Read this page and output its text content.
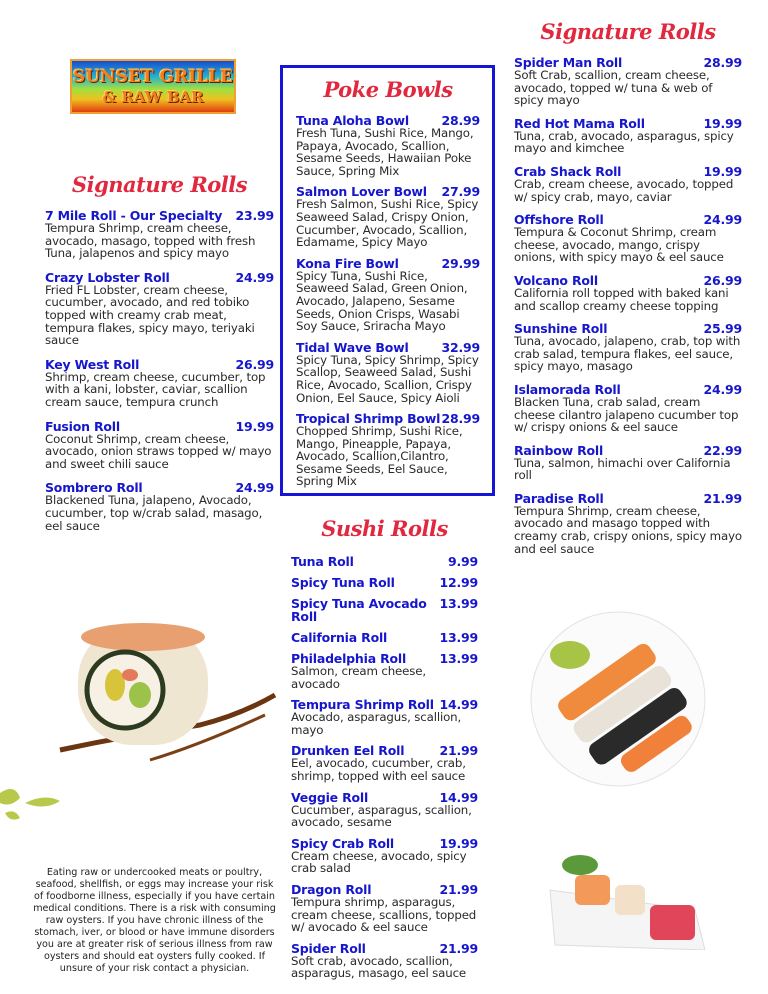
SUNSET GRILLE
& RAW BAR
Signature Rolls
7 Mile Roll - Our Specialty 23.99
Tempura Shrimp, cream cheese, avocado, masago, topped with fresh Tuna, jalapenos and spicy mayo
Crazy Lobster Roll	24.99
Fried FL Lobster, cream cheese, cucumber, avocado, and red tobiko topped with creamy crab meat, tempura flakes, spicy mayo, teriyaki sauce
Key West Roll	26.99
Shrimp, cream cheese, cucumber, top with a kani, lobster, caviar, scallion cream sauce, tempura crunch
Fusion Roll	19.99
Coconut Shrimp, cream cheese, avocado, onion straws topped w/ mayo and sweet chili sauce
Sombrero Roll	24.99
Blackened Tuna, jalapeno, Avocado, cucumber, top w/crab salad, masago, eel sauce
Poke Bowls
Tuna Aloha Bowl	28.99
Fresh Tuna, Sushi Rice, Mango, Papaya, Avocado, Scallion, Sesame Seeds, Hawaiian Poke Sauce, Spring Mix
Salmon Lover Bowl 27.99
Fresh Salmon, Sushi Rice, Spicy Seaweed Salad, Crispy Onion, Cucumber, Avocado, Scallion, Edamame, Spicy Mayo
Kona Fire Bowl	29.99
Spicy Tuna, Sushi Rice, Seaweed Salad, Green Onion, Avocado, Jalapeno, Sesame Seeds, Onion Crisps, Wasabi Soy Sauce, Sriracha Mayo
Tidal Wave Bowl	32.99
Spicy Tuna, Spicy Shrimp, Spicy Scallop, Seaweed Salad, Sushi Rice, Avocado, Scallion, Crispy Onion, Eel Sauce, Spicy Aioli
Tropical Shrimp Bowl 28.99
Chopped Shrimp, Sushi Rice, Mango, Pineapple, Papaya, Avocado, Scallion,Cilantro, Sesame Seeds, Eel Sauce, Spring Mix
Sushi Rolls
Tuna Roll	9.99
Spicy Tuna Roll	12.99
Spicy Tuna Avocado Roll
13.99
California Roll	13.99
Philadelphia Roll	13.99
Salmon, cream cheese, avocado
Tempura Shrimp Roll 14.99
Avocado, asparagus, scallion, mayo
Drunken Eel Roll	21.99
Eel, avocado, cucumber, crab, shrimp, topped with eel sauce
Veggie Roll	14.99
Cucumber, asparagus, scallion, avocado, sesame
Spicy Crab Roll	19.99
Cream cheese, avocado, spicy crab salad
Dragon Roll	21.99
Tempura shrimp, asparagus, cream cheese, scallions, topped w/ avocado & eel sauce
Spider Roll	21.99
Soft crab, avocado, scallion, asparagus, masago, eel sauce
Signature Rolls
Spider Man Roll	28.99
Soft Crab, scallion, cream cheese, avocado, topped w/ tuna & web of spicy mayo
Red Hot Mama Roll	19.99
Tuna, crab, avocado, asparagus, spicy mayo and kimchee
Crab Shack Roll	19.99
Crab, cream cheese, avocado, topped w/ spicy crab, mayo, caviar
Offshore Roll	24.99
Tempura & Coconut Shrimp, cream cheese, avocado, mango, crispy onions, with spicy mayo & eel sauce
Volcano Roll	26.99
California roll topped with baked kani and scallop creamy cheese topping
Sunshine Roll	25.99
Tuna, avocado, jalapeno, crab, top with crab salad, tempura flakes, eel sauce, spicy mayo, masago
Islamorada Roll	24.99
Blacken Tuna, crab salad, cream cheese cilantro jalapeno cucumber top w/ crispy onions & eel sauce
Rainbow Roll	22.99
Tuna, salmon, himachi over California roll
Paradise Roll	21.99
Tempura Shrimp, cream cheese, avocado and masago topped with creamy crab, crispy onions, spicy mayo and eel sauce
Eating raw or undercooked meats or poultry, seafood, shellfish, or eggs may increase your risk of foodborne illness, especially if you have certain medical conditions. There is a risk with consuming raw oysters. If you have chronic illness of the stomach, iver, or blood or have immune disorders you are at greater risk of serious illness from raw oysters and should eat oysters fully cooked. If unsure of your risk contact a physician.
